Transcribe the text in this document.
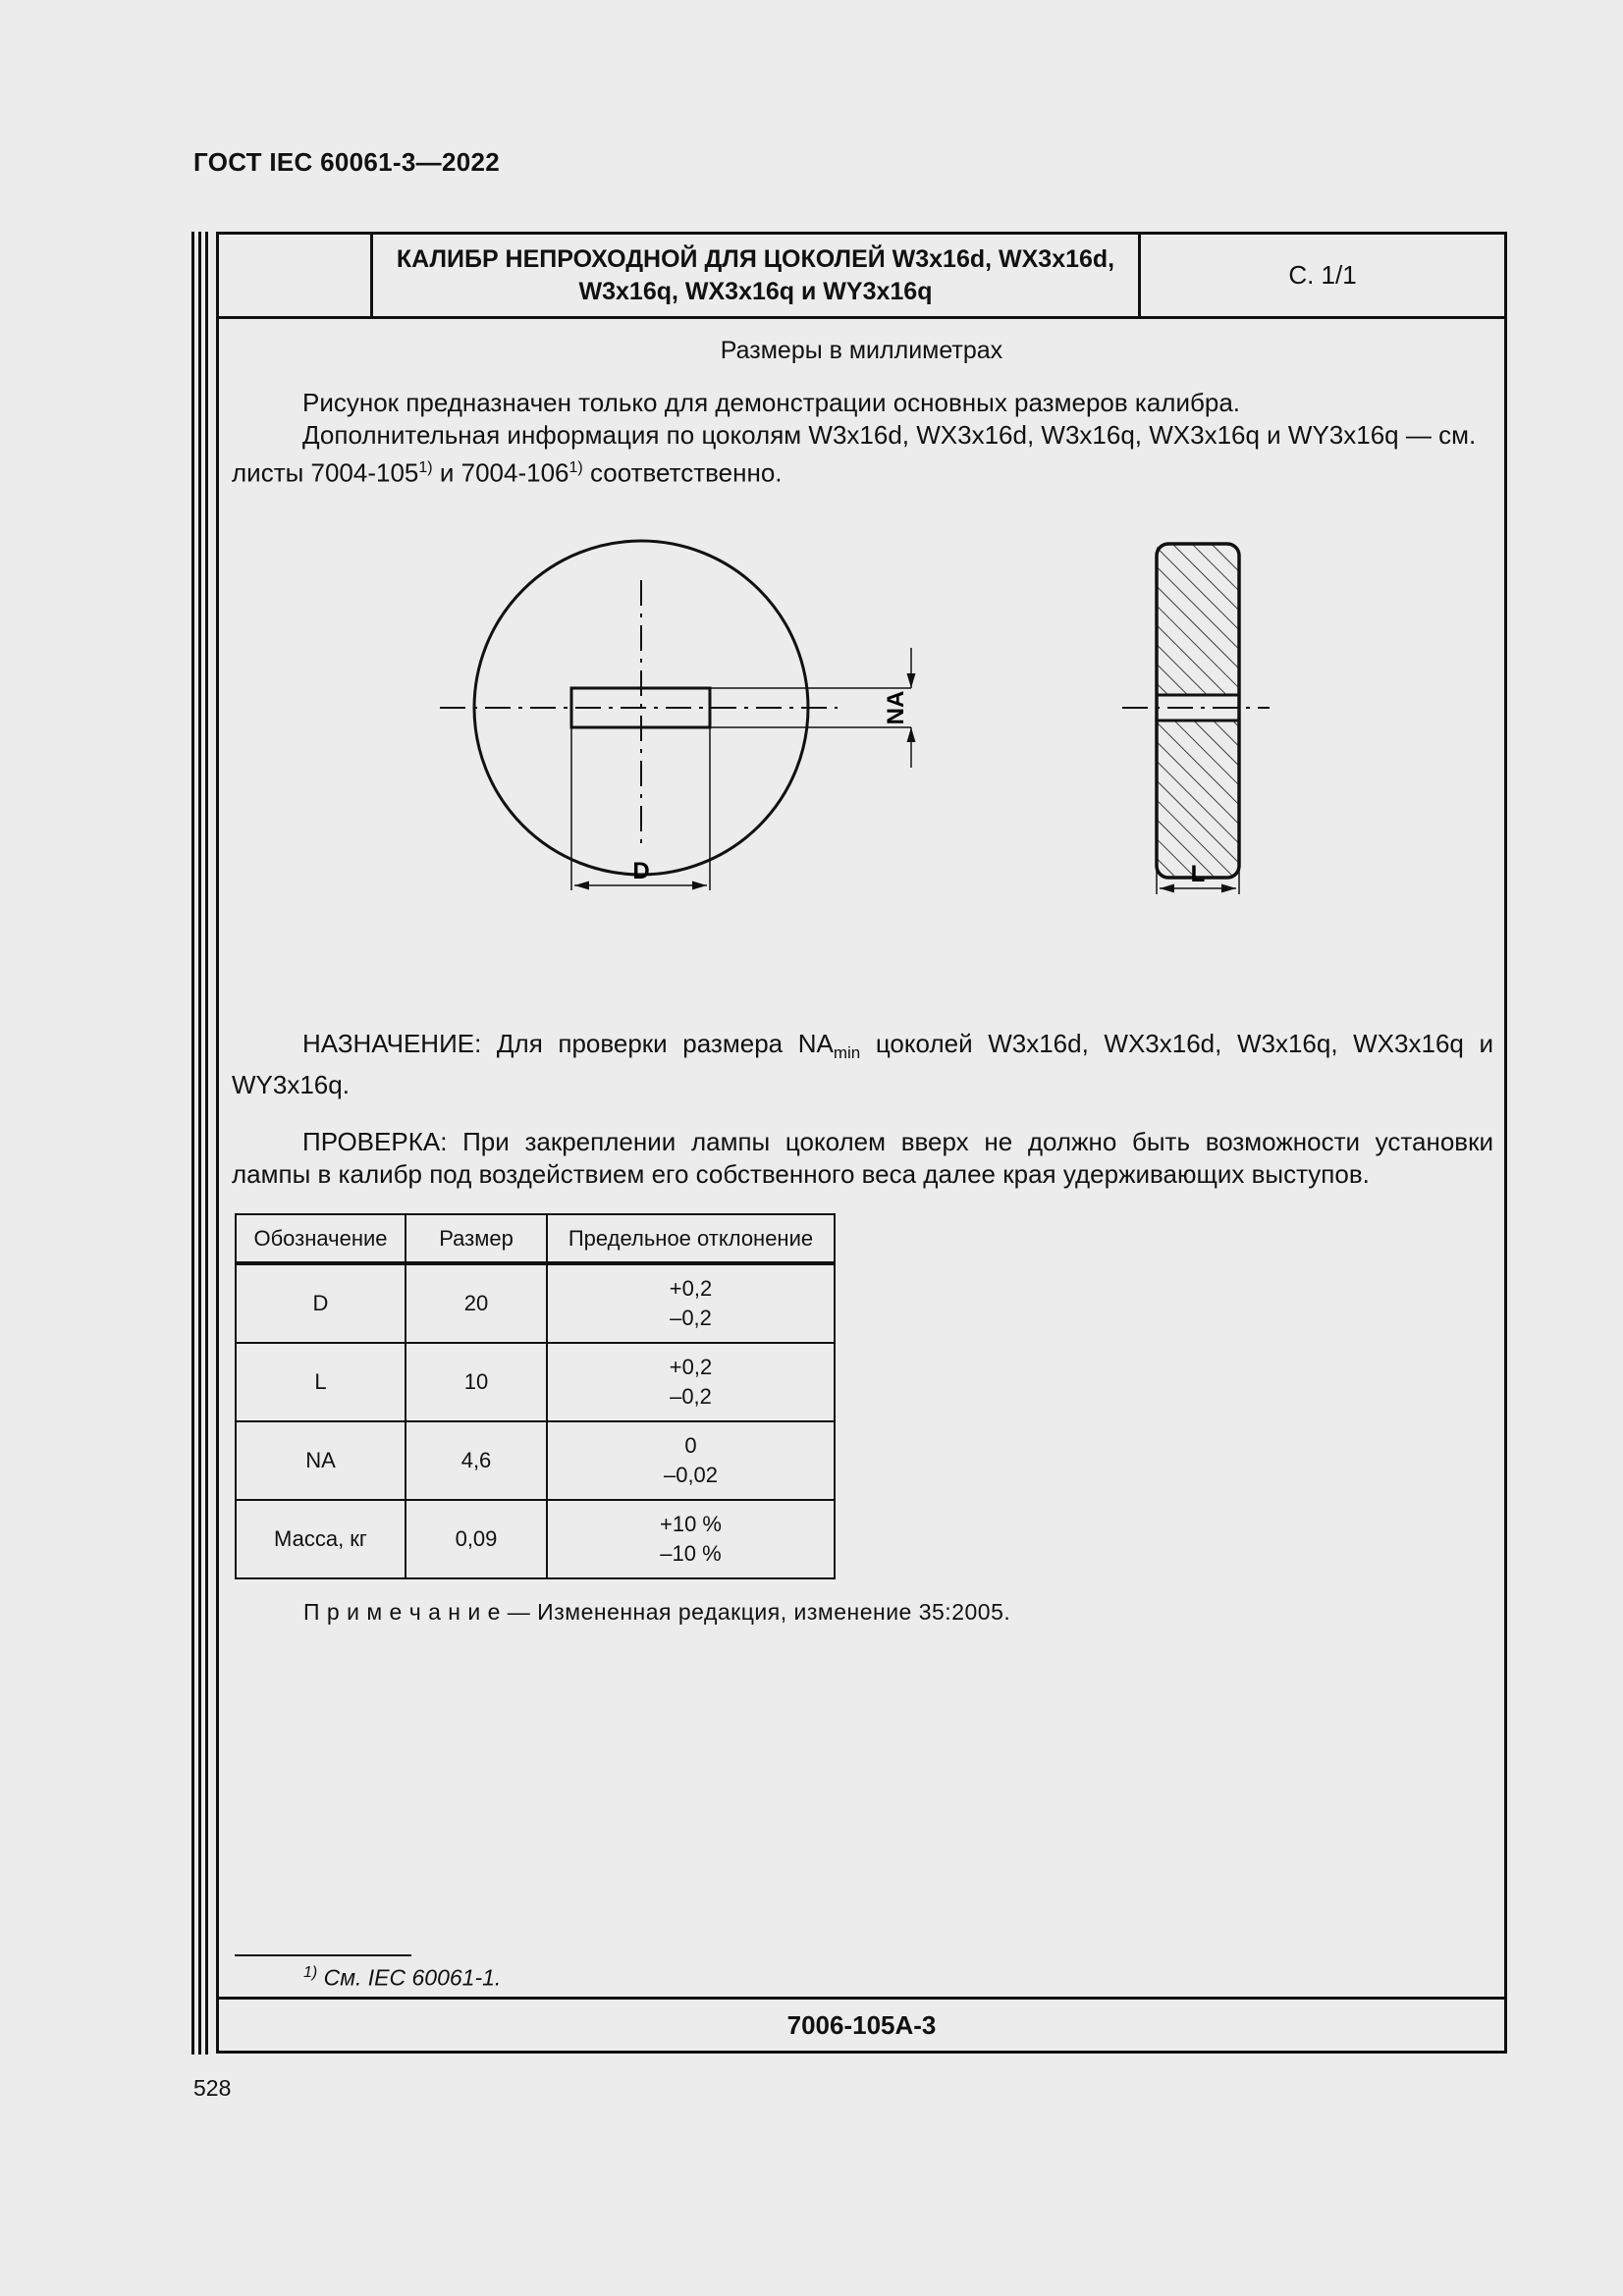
ГОСТ IEC 60061-3—2022
КАЛИБР НЕПРОХОДНОЙ ДЛЯ ЦОКОЛЕЙ W3x16d, WX3x16d, W3x16q, WX3x16q и WY3x16q
С. 1/1
Размеры в миллиметрах
Рисунок предназначен только для демонстрации основных размеров калибра.
Дополнительная информация по цоколям W3x16d, WX3x16d, W3x16q, WX3x16q и WY3x16q — см. листы 7004-105$^{1)}$ и 7004-106$^{1)}$ соответственно.
NA
D	L
НАЗНАЧЕНИЕ: Для проверки размера $NA_{min}$ цоколей W3x16d, WX3x16d, W3x16q, WX3x16q и WY3x16q.
ПРОВЕРКА: При закреплении лампы цоколем вверх не должно быть возможности установки лампы в калибр под воздействием его собственного веса далее края удерживающих выступов.
Обозначение	Размер	Предельное отклонение
D	20	+0,2
–0,2

L	10	+0,2
–0,2

NA	4,6	0
–0,02

Масса, кг	0,09	+10 %
–10 %
П р и м е ч а н и е — Измененная редакция, изменение 35:2005.
$^{1)}$ См. IEC 60061-1.
7006-105A-3
528
